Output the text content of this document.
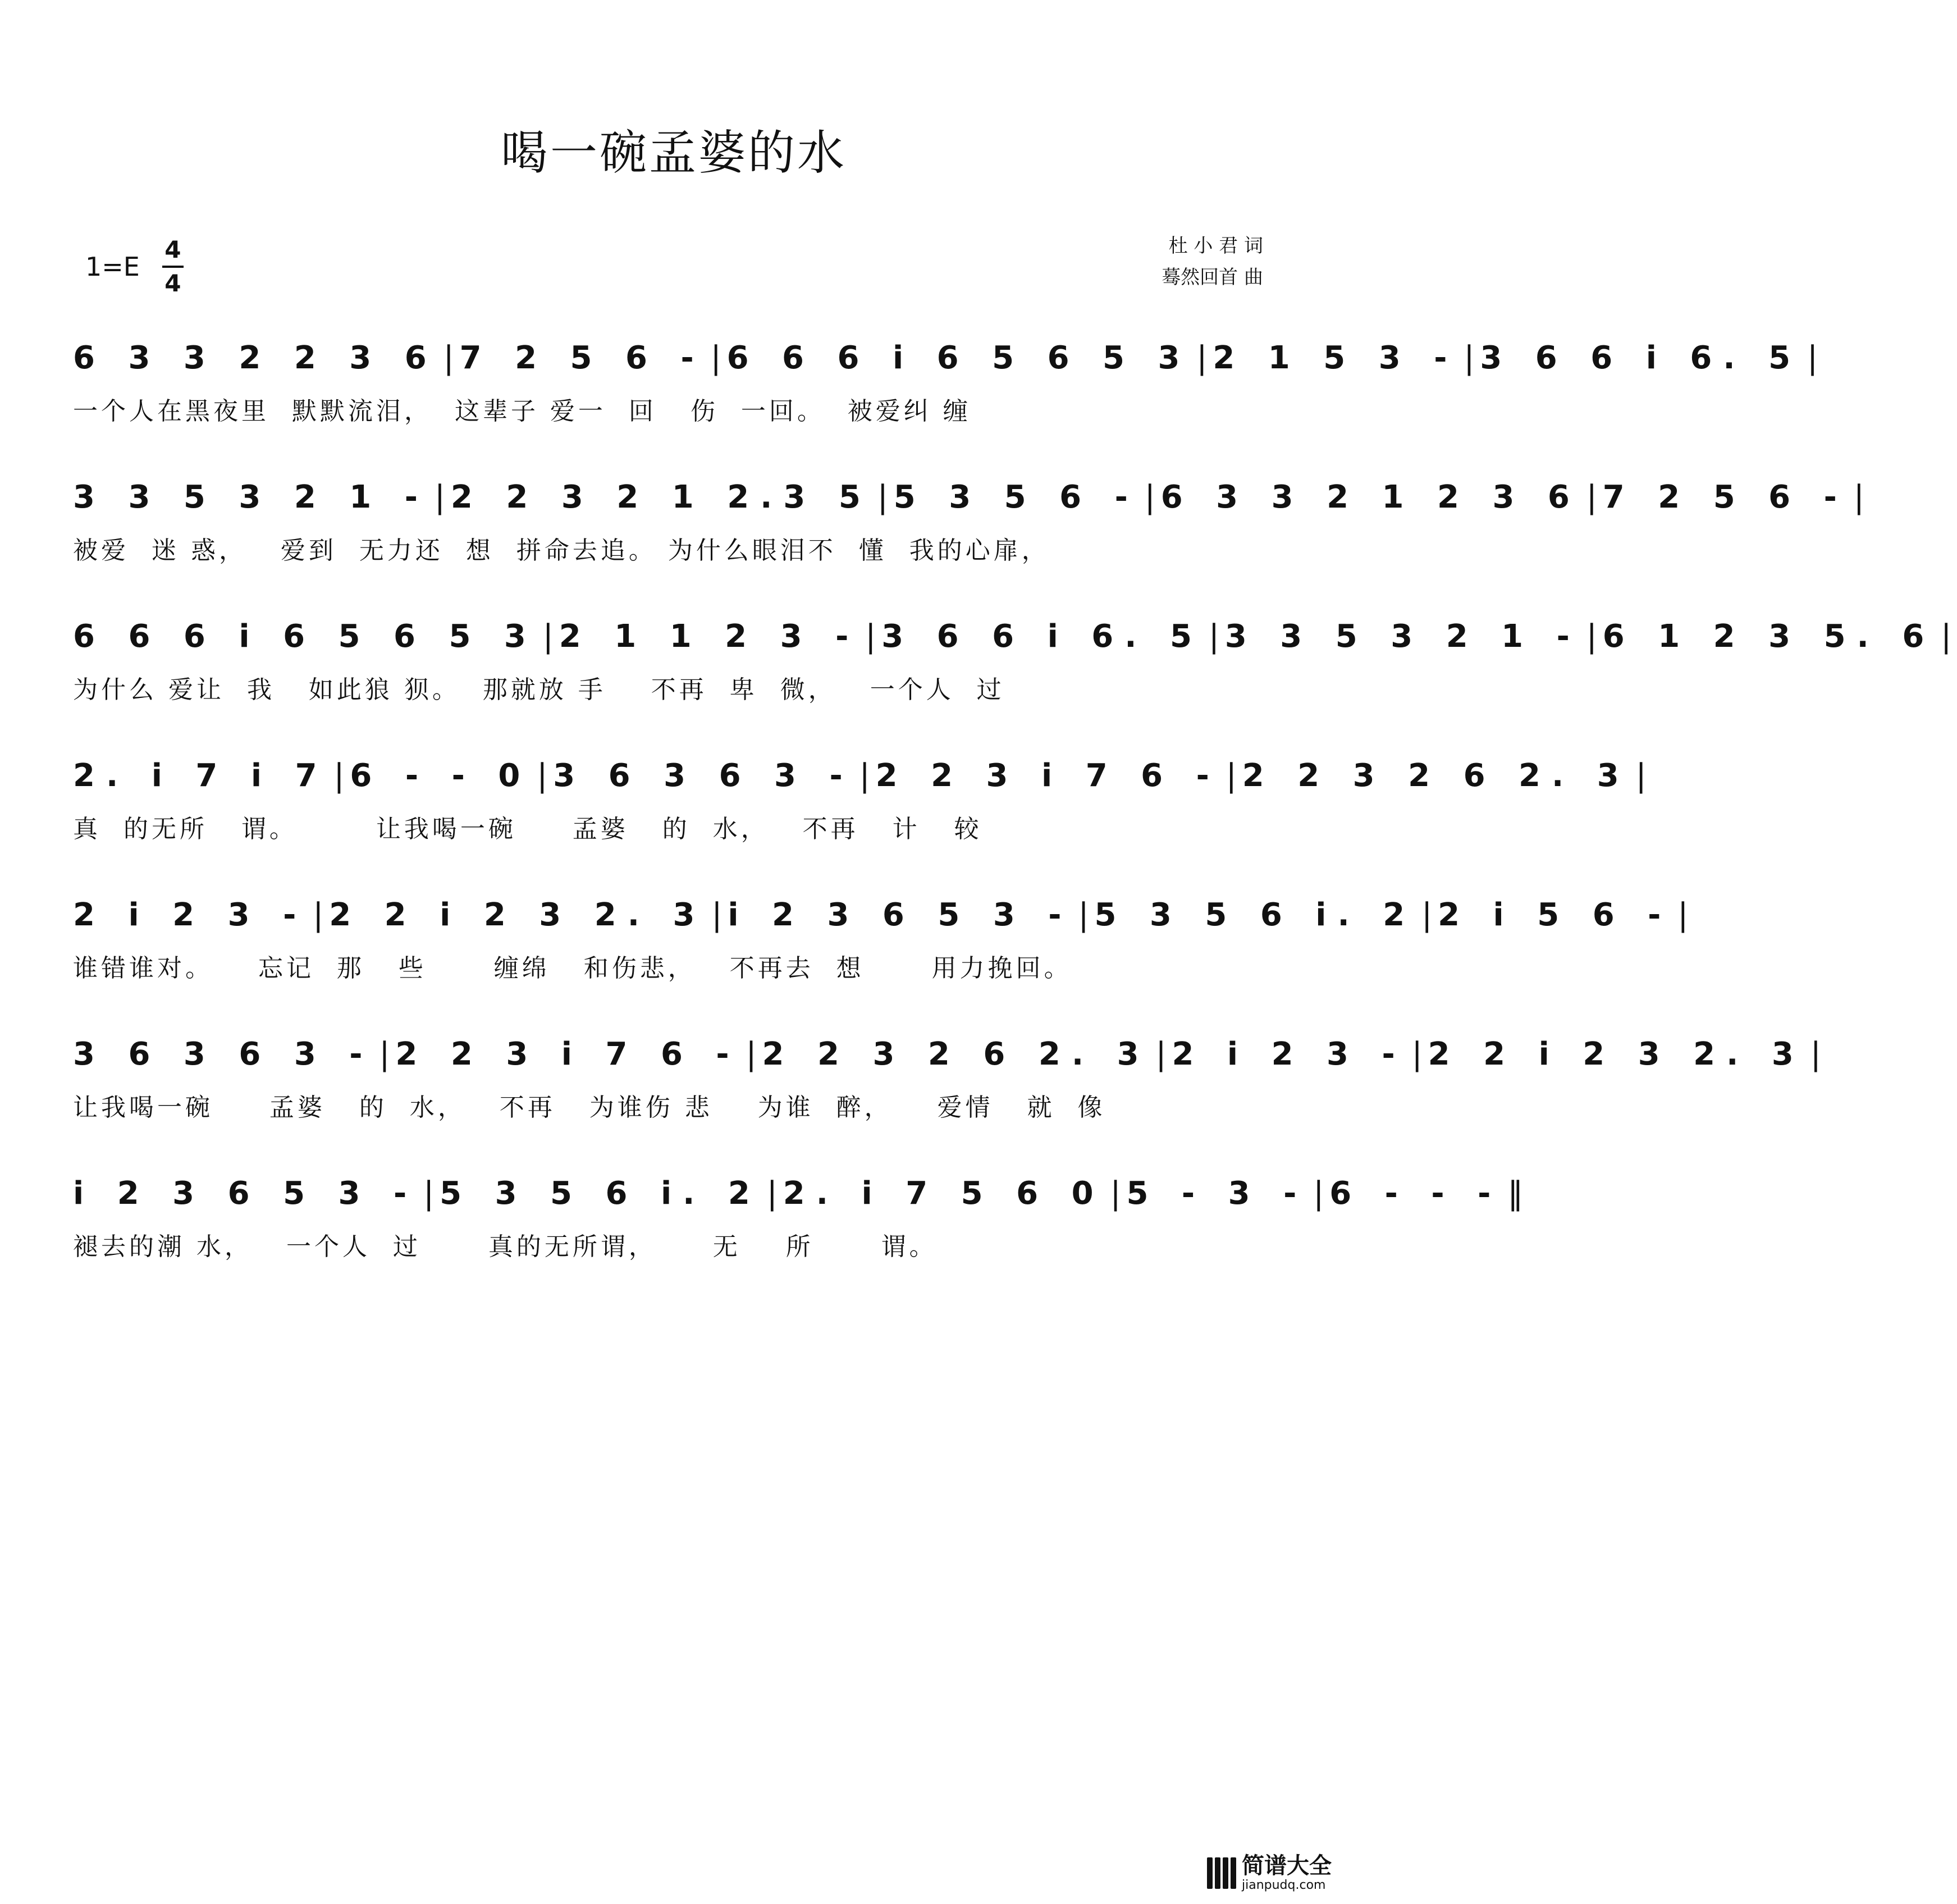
喝一碗孟婆的水
1=E
4
4
杜 小 君 词
蓦然回首 曲
6 3 3 2 2 3 6 | 7 2 5 6 - | 6 6 6 i 6 5 6 5 3 | 2 1 5 3 - | 3 6 6 i 6. 5 |
一个人在黑夜里  默默流泪，  这辈子 爱一  回   伤  一回。  被爱纠 缠
3 3 5 3 2 1 - | 2 2 3 2 1 2.3 5 | 5 3 5 6 - | 6 3 3 2 1 2 3 6 | 7 2 5 6 - |
被爱  迷 惑，   爱到  无力还  想  拼命去追。 为什么眼泪不  懂  我的心扉，
6 6 6 i 6 5 6 5 3 | 2 1 1 2 3 - | 3 6 6 i 6. 5 | 3 3 5 3 2 1 - | 6 1 2 3 5. 6 |
为什么 爱让  我   如此狼 狈。  那就放 手    不再  卑  微，   一个人  过
2. i 7 i 7 | 6 - - 0 | 3 6 3 6 3 - | 2 2 3 i 7 6 - | 2 2 3 2 6 2. 3 |
真  的无所   谓。       让我喝一碗     孟婆   的  水，   不再   计   较
2 i 2 3 - | 2 2 i 2 3 2. 3 | i 2 3 6 5 3 - | 5 3 5 6 i. 2 | 2 i 5 6 - |
谁错谁对。    忘记  那   些      缠绵   和伤悲，   不再去  想      用力挽回。
3 6 3 6 3 - | 2 2 3 i 7 6 - | 2 2 3 2 6 2. 3 | 2 i 2 3 - | 2 2 i 2 3 2. 3 |
让我喝一碗     孟婆   的  水，   不再   为谁伤 悲    为谁  醉，    爱情   就  像
i 2 3 6 5 3 - | 5 3 5 6 i. 2 | 2. i 7 5 6 0 | 5 - 3 - | 6 - - - ‖
褪去的潮 水，   一个人  过      真的无所谓，     无    所      谓。
简谱大全
jianpudq.com
